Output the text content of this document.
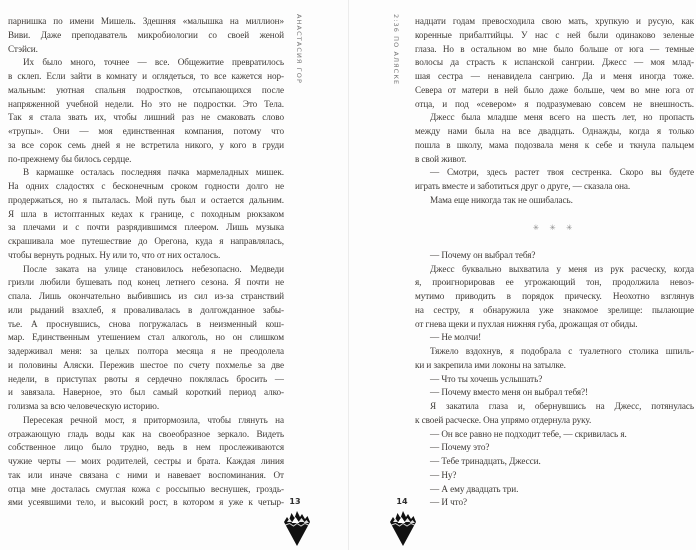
парнишка по имени Мишель. Здешняя «малышка на миллион»
Виви. Даже преподаватель микробиологии со своей женой
Стэйси.
Их было много, точнее — все. Общежитие превратилось
в склеп. Если зайти в комнату и оглядеться, то все кажется нор-
мальным: уютная спальня подростков, отсыпающихся после
напряженной учебной недели. Но это не подростки. Это Тела.
Так я стала звать их, чтобы лишний раз не смаковать слово
«трупы». Они — моя единственная компания, потому что
за все сорок семь дней я не встретила никого, у кого в груди
по-прежнему бы билось сердце.
В кармашке осталась последняя пачка мармеладных мишек.
На одних сладостях с бесконечным сроком годности долго не
продержаться, но я пыталась. Мой путь был и остается дальним.
Я шла в истоптанных кедах к границе, с походным рюкзаком
за плечами и с почти разрядившимся плеером. Лишь музыка
скрашивала мое путешествие до Орегона, куда я направлялась,
чтобы вернуть родных. Ну или то, что от них осталось.
После заката на улице становилось небезопасно. Медведи
гризли любили бушевать под конец летнего сезона. Я почти не
спала. Лишь окончательно выбившись из сил из-за странствий
или рыданий взахлеб, я проваливалась в долгожданное забы-
тье. А проснувшись, снова погружалась в неизменный кош-
мар. Единственным утешением стал алкоголь, но он слишком
задерживал меня: за целых полтора месяца я не преодолела
и половины Аляски. Пережив шестое по счету похмелье за две
недели, в приступах рвоты я сердечно поклялась бросить —
и завязала. Наверное, это был самый короткий период алко-
голизма за всю человеческую историю.
Пересекая речной мост, я притормозила, чтобы глянуть на
отражающую гладь воды как на своеобразное зеркало. Видеть
собственное лицо было трудно, ведь в нем прослеживаются
чужие черты — моих родителей, сестры и брата. Каждая линия
так или иначе связана с ними и навевает воспоминания. От
отца мне досталась смуглая кожа с россыпью веснушек, гроздь-
ями усеявшими тело, и высокий рост, в котором я уже к четыр-
АНАСТАСИЯ ГОР
13
надцати годам превосходила свою мать, хрупкую и русую, как
коренные прибалтийцы. У нас с ней были одинаково зеленые
глаза. Но в остальном во мне было больше от юга — темные
волосы да страсть к испанской сангрии. Джесс — моя млад-
шая сестра — ненавидела сангрию. Да и меня иногда тоже.
Севера от матери в ней было даже больше, чем во мне юга от
отца, и под «севером» я подразумеваю совсем не внешность.
Джесс была младше меня всего на шесть лет, но пропасть
между нами была на все двадцать. Однажды, когда я только
пошла в школу, мама подозвала меня к себе и ткнула пальцем
в свой живот.
— Смотри, здесь растет твоя сестренка. Скоро вы будете
играть вместе и заботиться друг о друге, — сказала она.
Мама еще никогда так не ошибалась.
✳ ✳ ✳
— Почему он выбрал тебя?
Джесс буквально выхватила у меня из рук расческу, когда
я, проигнорировав ее угрожающий тон, продолжила невоз-
мутимо приводить в порядок прическу. Неохотно взглянув
на сестру, я обнаружила уже знакомое зрелище: пылающие
от гнева щеки и пухлая нижняя губа, дрожащая от обиды.
— Не молчи!
Тяжело вздохнув, я подобрала с туалетного столика шпиль-
ки и закрепила ими локоны на затылке.
— Что ты хочешь услышать?
— Почему вместо меня он выбрал тебя?!
Я закатила глаза и, обернувшись на Джесс, потянулась
к своей расческе. Она упрямо отдернула руку.
— Он все равно не подходит тебе, — скривилась я.
— Почему это?
— Тебе тринадцать, Джесси.
— Ну?
— А ему двадцать три.
— И что?
2:36 ПО АЛЯСКЕ
14
